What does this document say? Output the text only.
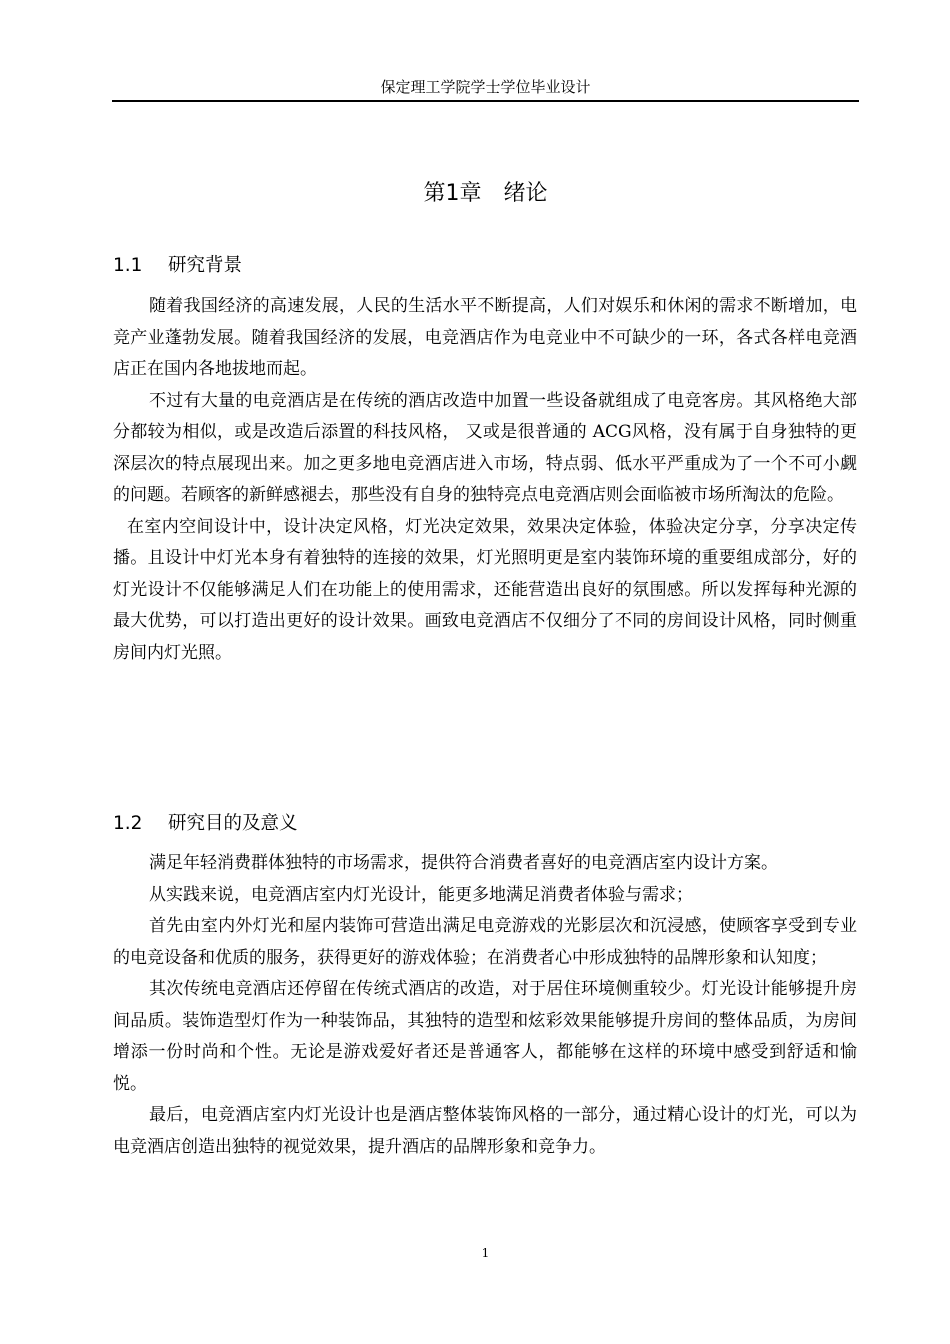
保定理工学院学士学位毕业设计
第1章　绪论
1.1 研究背景

随着我国经济的高速发展，人民的生活水平不断提高，人们对娱乐和休闲的需求不断增加，电竞产业蓬勃发展。随着我国经济的发展，电竞酒店作为电竞业中不可缺少的一环，各式各样电竞酒店正在国内各地拔地而起。

不过有大量的电竞酒店是在传统的酒店改造中加置一些设备就组成了电竞客房。其风格绝大部分都较为相似，或是改造后添置的科技风格， 又或是很普通的 ACG风格，没有属于自身独特的更深层次的特点展现出来。加之更多地电竞酒店进入市场，特点弱、低水平严重成为了一个不可小觑的问题。若顾客的新鲜感褪去，那些没有自身的独特亮点电竞酒店则会面临被市场所淘汰的危险。

在室内空间设计中，设计决定风格，灯光决定效果，效果决定体验，体验决定分享，分享决定传播。且设计中灯光本身有着独特的连接的效果，灯光照明更是室内装饰环境的重要组成部分，好的灯光设计不仅能够满足人们在功能上的使用需求，还能营造出良好的氛围感。所以发挥每种光源的最大优势，可以打造出更好的设计效果。画致电竞酒店不仅细分了不同的房间设计风格，同时侧重房间内灯光照。

1.2 研究目的及意义

满足年轻消费群体独特的市场需求，提供符合消费者喜好的电竞酒店室内设计方案。

从实践来说，电竞酒店室内灯光设计，能更多地满足消费者体验与需求；

首先由室内外灯光和屋内装饰可营造出满足电竞游戏的光影层次和沉浸感，使顾客享受到专业的电竞设备和优质的服务，获得更好的游戏体验；在消费者心中形成独特的品牌形象和认知度；

其次传统电竞酒店还停留在传统式酒店的改造，对于居住环境侧重较少。灯光设计能够提升房间品质。装饰造型灯作为一种装饰品，其独特的造型和炫彩效果能够提升房间的整体品质，为房间增添一份时尚和个性。无论是游戏爱好者还是普通客人，都能够在这样的环境中感受到舒适和愉悦。

最后，电竞酒店室内灯光设计也是酒店整体装饰风格的一部分，通过精心设计的灯光，可以为电竞酒店创造出独特的视觉效果，提升酒店的品牌形象和竞争力。

1
